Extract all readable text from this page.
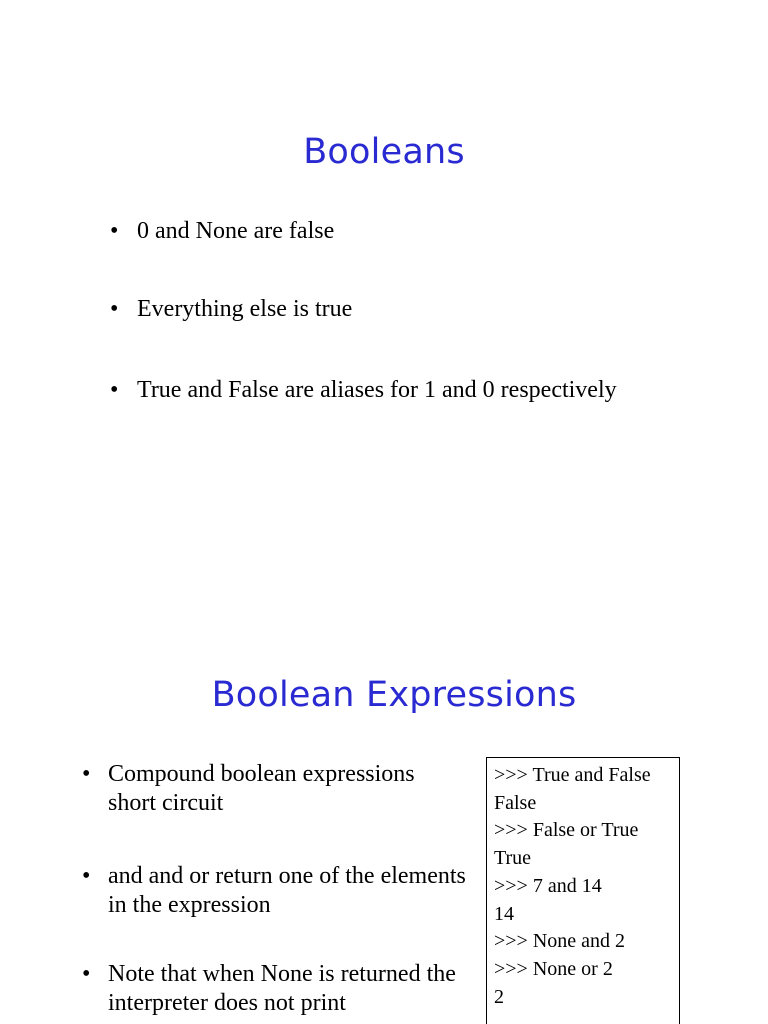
Booleans
• 0 and None are false
• Everything else is true
• True and False are aliases for 1 and 0 respectively
Boolean Expressions
• Compound boolean expressions short circuit
• and and or return one of the elements in the expression
• Note that when None is returned the interpreter does not print
>>> True and False
False
>>> False or True
True
>>> 7 and 14
14
>>> None and 2
>>> None or 2
2
